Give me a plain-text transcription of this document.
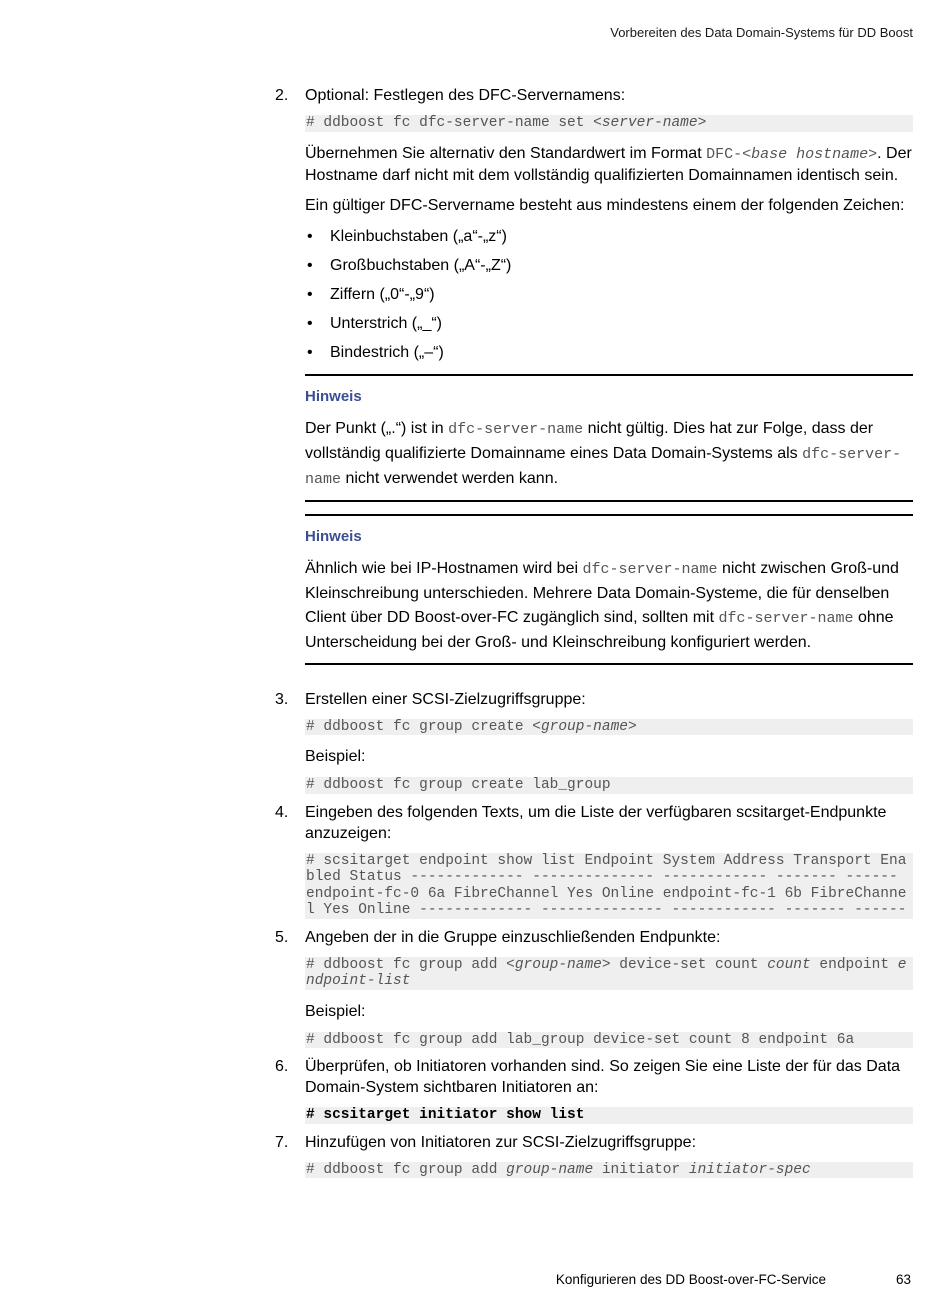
Vorbereiten des Data Domain-Systems für DD Boost
2. Optional: Festlegen des DFC-Servernamens:

# ddboost fc dfc-server-name set <server-name>

Übernehmen Sie alternativ den Standardwert im Format DFC-<base hostname>. Der Hostname darf nicht mit dem vollständig qualifizierten Domainnamen identisch sein.

Ein gültiger DFC-Servername besteht aus mindestens einem der folgenden Zeichen:

• Kleinbuchstaben („a“-„z“)
• Großbuchstaben („A“-„Z“)
• Ziffern („0“-„9“)
• Unterstrich („_“)
• Bindestrich („–“)
Hinweis

Der Punkt („.“) ist in dfc-server-name nicht gültig. Dies hat zur Folge, dass der vollständig qualifizierte Domainname eines Data Domain-Systems als dfc-server-name nicht verwendet werden kann.

Hinweis

Ähnlich wie bei IP-Hostnamen wird bei dfc-server-name nicht zwischen Groß-und Kleinschreibung unterschieden. Mehrere Data Domain-Systeme, die für denselben Client über DD Boost-over-FC zugänglich sind, sollten mit dfc-server-name ohne Unterscheidung bei der Groß- und Kleinschreibung konfiguriert werden.

3. Erstellen einer SCSI-Zielzugriffsgruppe:

# ddboost fc group create <group-name>

Beispiel:

# ddboost fc group create lab_group
4. Eingeben des folgenden Texts, um die Liste der verfügbaren scsitarget-Endpunkte anzuzeigen:

# scsitarget endpoint show list Endpoint System Address Transport Enabled Status ------------- -------------- ------------ ------- ------ endpoint-fc-0 6a FibreChannel Yes Online endpoint-fc-1 6b FibreChannel Yes Online ------------- -------------- ------------ ------- ------
5. Angeben der in die Gruppe einzuschließenden Endpunkte:

# ddboost fc group add <group-name> device-set count count endpoint endpoint-list

Beispiel:

# ddboost fc group add lab_group device-set count 8 endpoint 6a
6. Überprüfen, ob Initiatoren vorhanden sind. So zeigen Sie eine Liste der für das Data Domain-System sichtbaren Initiatoren an:

# scsitarget initiator show list
7. Hinzufügen von Initiatoren zur SCSI-Zielzugriffsgruppe:

# ddboost fc group add group-name initiator initiator-spec
Konfigurieren des DD Boost-over-FC-Service	63
